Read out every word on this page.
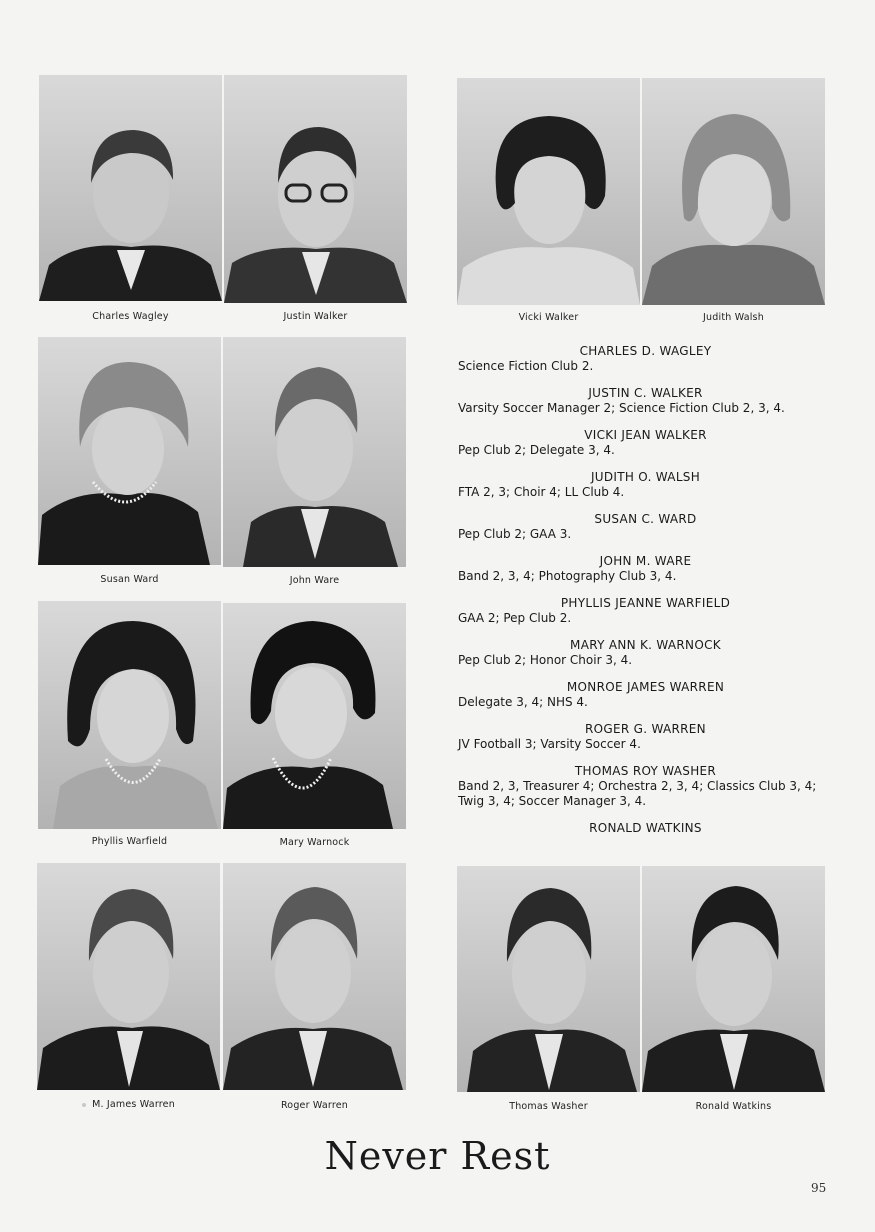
Charles Wagley	Justin Walker	Vicki Walker	Judith Walsh
Susan Ward	John Ware
Phyllis Warfield	Mary Warnock
M. James Warren	Roger Warren	Thomas Washer	Ronald Watkins
CHARLES D. WAGLEY
Science Fiction Club 2.
JUSTIN C. WALKER
Varsity Soccer Manager 2; Science Fiction Club 2, 3, 4.
VICKI JEAN WALKER
Pep Club 2; Delegate 3, 4.
JUDITH O. WALSH
FTA 2, 3; Choir 4; LL Club 4.
SUSAN C. WARD
Pep Club 2; GAA 3.
JOHN M. WARE
Band 2, 3, 4; Photography Club 3, 4.
PHYLLIS JEANNE WARFIELD
GAA 2; Pep Club 2.
MARY ANN K. WARNOCK
Pep Club 2; Honor Choir 3, 4.
MONROE JAMES WARREN
Delegate 3, 4; NHS 4.
ROGER G. WARREN
JV Football 3; Varsity Soccer 4.
THOMAS ROY WASHER
Band 2, 3, Treasurer 4; Orchestra 2, 3, 4; Classics Club 3, 4; Twig 3, 4; Soccer Manager 3, 4.
RONALD WATKINS
Never Rest
95
